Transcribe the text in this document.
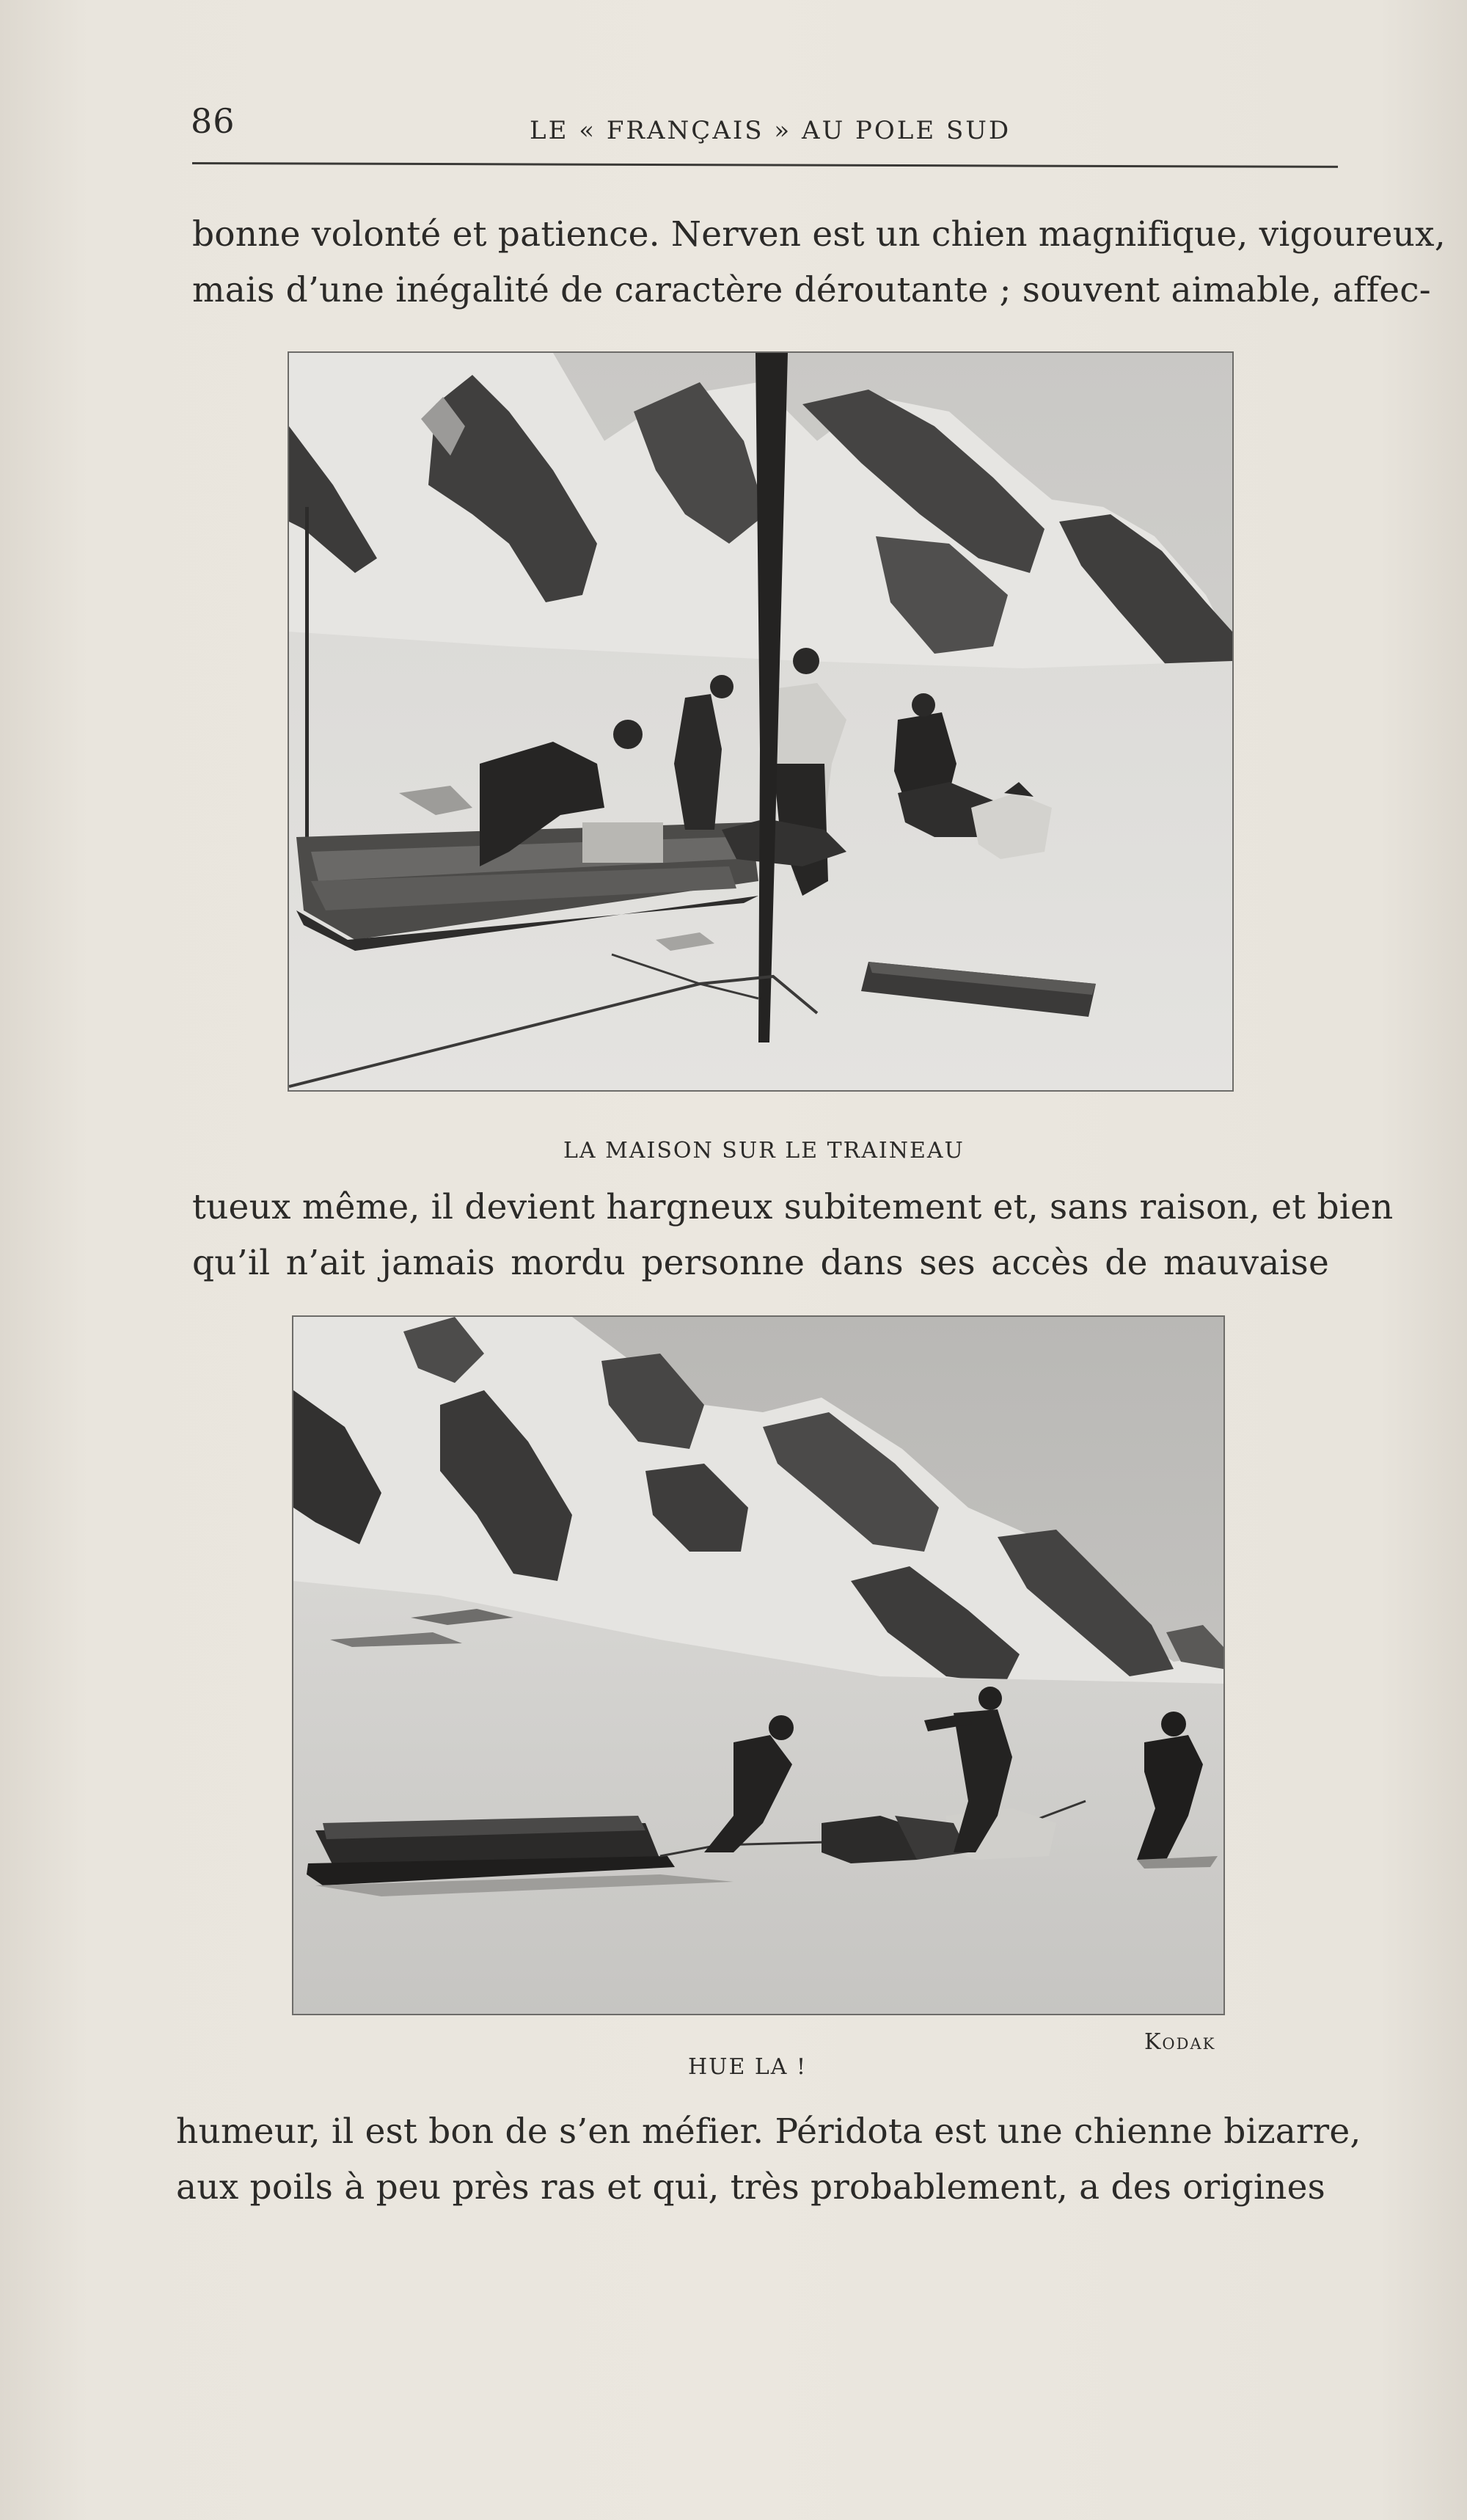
86	LE « FRANÇAIS » AU POLE SUD
bonne volonté et patience. Nerven est un chien magnifique, vigoureux,
mais d’une inégalité de caractère déroutante ; souvent aimable, affec-
LA MAISON SUR LE TRAINEAU
tueux même, il devient hargneux subitement et, sans raison, et bien
qu’il n’ait jamais mordu personne dans ses accès de mauvaise
Kodak
HUE LA !
humeur, il est bon de s’en méfier. Péridota est une chienne bizarre,
aux poils à peu près ras et qui, très probablement, a des origines
